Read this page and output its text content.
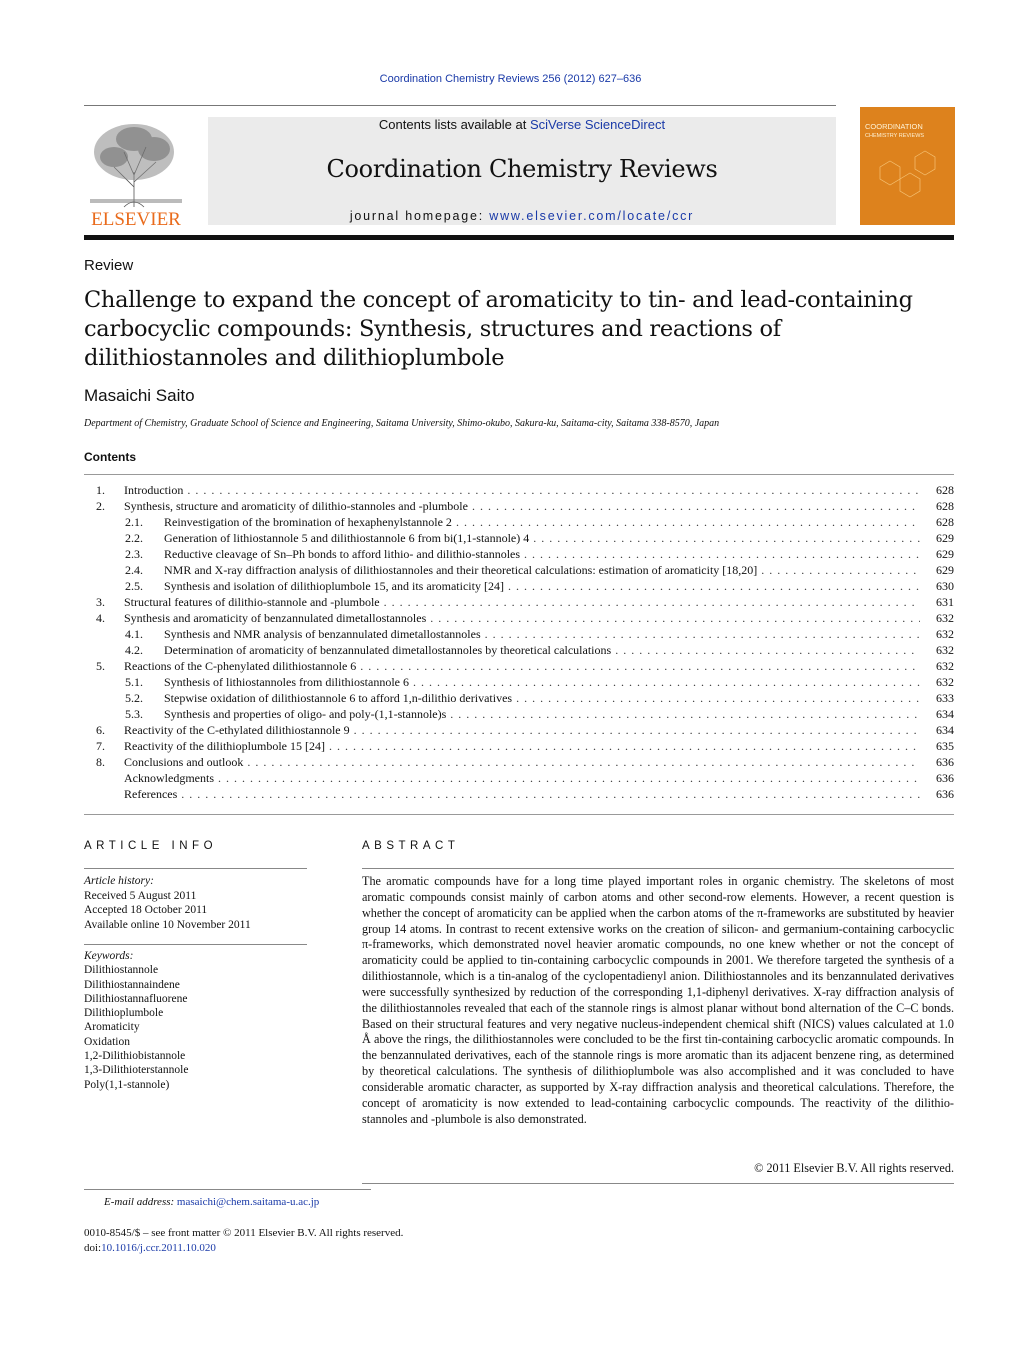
Coordination Chemistry Reviews 256 (2012) 627–636
ELSEVIER
Contents lists available at SciVerse ScienceDirect
Coordination Chemistry Reviews
journal homepage: www.elsevier.com/locate/ccr
COORDINATION
CHEMISTRY REVIEWS
Review
Challenge to expand the concept of aromaticity to tin- and lead-containing carbocyclic compounds: Synthesis, structures and reactions of dilithiostannoles and dilithioplumbole
Masaichi Saito
Department of Chemistry, Graduate School of Science and Engineering, Saitama University, Shimo-okubo, Sakura-ku, Saitama-city, Saitama 338-8570, Japan
Contents
1.	Introduction . . .	628
2.	Synthesis, structure and aromaticity of dilithio-stannoles and -plumbole . . .	628
2.1.	Reinvestigation of the bromination of hexaphenylstannole 2 . . .	628
2.2.	Generation of lithiostannole 5 and dilithiostannole 6 from bi(1,1-stannole) 4 . . .	629
2.3.	Reductive cleavage of Sn–Ph bonds to afford lithio- and dilithio-stannoles . . .	629
2.4.	NMR and X-ray diffraction analysis of dilithiostannoles and their theoretical calculations: estimation of aromaticity [18,20] . . .	629
2.5.	Synthesis and isolation of dilithioplumbole 15, and its aromaticity [24] . . .	630
3.	Structural features of dilithio-stannole and -plumbole . . .	631
4.	Synthesis and aromaticity of benzannulated dimetallostannoles . . .	632
4.1.	Synthesis and NMR analysis of benzannulated dimetallostannoles . . .	632
4.2.	Determination of aromaticity of benzannulated dimetallostannoles by theoretical calculations . . .	632
5.	Reactions of the C-phenylated dilithiostannole 6 . . .	632
5.1.	Synthesis of lithiostannoles from dilithiostannole 6 . . .	632
5.2.	Stepwise oxidation of dilithiostannole 6 to afford 1,n-dilithio derivatives . . .	633
5.3.	Synthesis and properties of oligo- and poly-(1,1-stannole)s . . .	634
6.	Reactivity of the C-ethylated dilithiostannole 9 . . .	634
7.	Reactivity of the dilithioplumbole 15 [24] . . .	635
8.	Conclusions and outlook . . .	636
Acknowledgments . . .	636
References . . .	636
ARTICLE INFO
Article history:
Received 5 August 2011
Accepted 18 October 2011
Available online 10 November 2011
Keywords:
Dilithiostannole
Dilithiostannaindene
Dilithiostannafluorene
Dilithioplumbole
Aromaticity
Oxidation
1,2-Dilithiobistannole
1,3-Dilithioterstannole
Poly(1,1-stannole)
ABSTRACT
The aromatic compounds have for a long time played important roles in organic chemistry. The skeletons of most aromatic compounds consist mainly of carbon atoms and other second-row elements. However, a recent question is whether the concept of aromaticity can be applied when the carbon atoms of the π-frameworks are substituted by heavier group 14 atoms. In contrast to recent extensive works on the creation of silicon- and germanium-containing carbocyclic π-frameworks, which demonstrated novel heavier aromatic compounds, no one knew whether or not the concept of aromaticity could be applied to tin-containing carbocyclic compounds in 2001. We therefore targeted the synthesis of a dilithiostannole, which is a tin-analog of the cyclopentadienyl anion. Dilithiostannoles and its benzannulated derivatives were successfully synthesized by reduction of the corresponding 1,1-diphenyl derivatives. X-ray diffraction analysis of the dilithiostannoles revealed that each of the stannole rings is almost planar without bond alternation of the C–C bonds. Based on their structural features and very negative nucleus-independent chemical shift (NICS) values calculated at 1.0 Å above the rings, the dilithiostannoles were concluded to be the first tin-containing carbocyclic aromatic compounds. In the benzannulated derivatives, each of the stannole rings is more aromatic than its adjacent benzene ring, as determined by theoretical calculations. The synthesis of dilithioplumbole was also accomplished and it was concluded to have considerable aromatic character, as supported by X-ray diffraction analysis and theoretical calculations. Therefore, the concept of aromaticity is now extended to lead-containing carbocyclic compounds. The reactivity of the dilithio-stannoles and -plumbole is also demonstrated.
© 2011 Elsevier B.V. All rights reserved.
E-mail address: masaichi@chem.saitama-u.ac.jp
0010-8545/$ – see front matter © 2011 Elsevier B.V. All rights reserved.
doi:10.1016/j.ccr.2011.10.020
